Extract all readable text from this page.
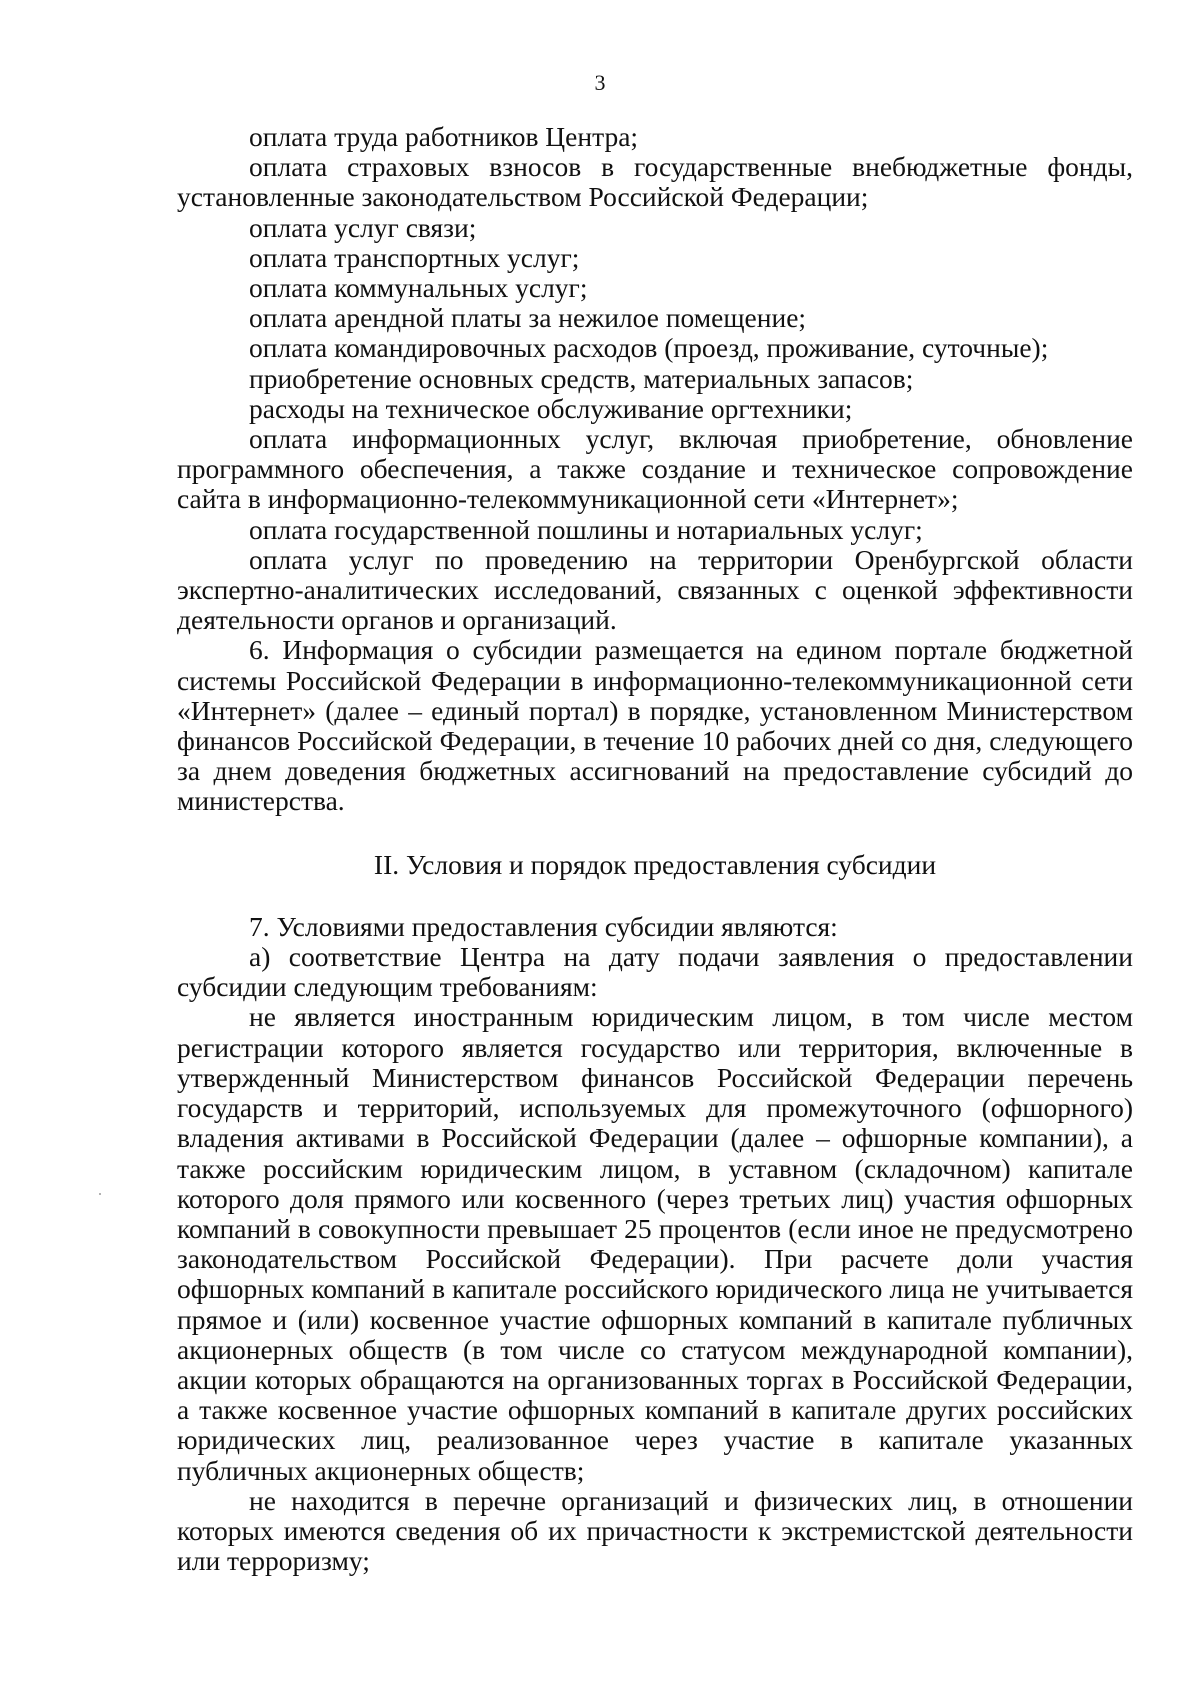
3

оплата труда работников Центра;

оплата страховых взносов в государственные внебюджетные фонды, установленные законодательством Российской Федерации;

оплата услуг связи;

оплата транспортных услуг;

оплата коммунальных услуг;

оплата арендной платы за нежилое помещение;

оплата командировочных расходов (проезд, проживание, суточные);

приобретение основных средств, материальных запасов;

расходы на техническое обслуживание оргтехники;

оплата информационных услуг, включая приобретение, обновление программного обеспечения, а также создание и техническое сопровождение сайта в информационно-телекоммуникационной сети «Интернет»;

оплата государственной пошлины и нотариальных услуг;

оплата услуг по проведению на территории Оренбургской области экспертно-аналитических исследований, связанных с оценкой эффективности деятельности органов и организаций.

6. Информация о субсидии размещается на едином портале бюджетной системы Российской Федерации в информационно-телекоммуникационной сети «Интернет» (далее – единый портал) в порядке, установленном Министерством финансов Российской Федерации, в течение 10 рабочих дней со дня, следующего за днем доведения бюджетных ассигнований на предоставление субсидий до министерства.

II. Условия и порядок предоставления субсидии

7. Условиями предоставления субсидии являются:

а) соответствие Центра на дату подачи заявления о предоставлении субсидии следующим требованиям:

не является иностранным юридическим лицом, в том числе местом регистрации которого является государство или территория, включенные в утвержденный Министерством финансов Российской Федерации перечень государств и территорий, используемых для промежуточного (офшорного) владения активами в Российской Федерации (далее – офшорные компании), а также российским юридическим лицом, в уставном (складочном) капитале которого доля прямого или косвенного (через третьих лиц) участия офшорных компаний в совокупности превышает 25 процентов (если иное не предусмотрено законодательством Российской Федерации). При расчете доли участия офшорных компаний в капитале российского юридического лица не учитывается прямое и (или) косвенное участие офшорных компаний в капитале публичных акционерных обществ (в том числе со статусом международной компании), акции которых обращаются на организованных торгах в Российской Федерации, а также косвенное участие офшорных компаний в капитале других российских юридических лиц, реализованное через участие в капитале указанных публичных акционерных обществ;

не находится в перечне организаций и физических лиц, в отношении которых имеются сведения об их причастности к экстремистской деятельности или терроризму;
